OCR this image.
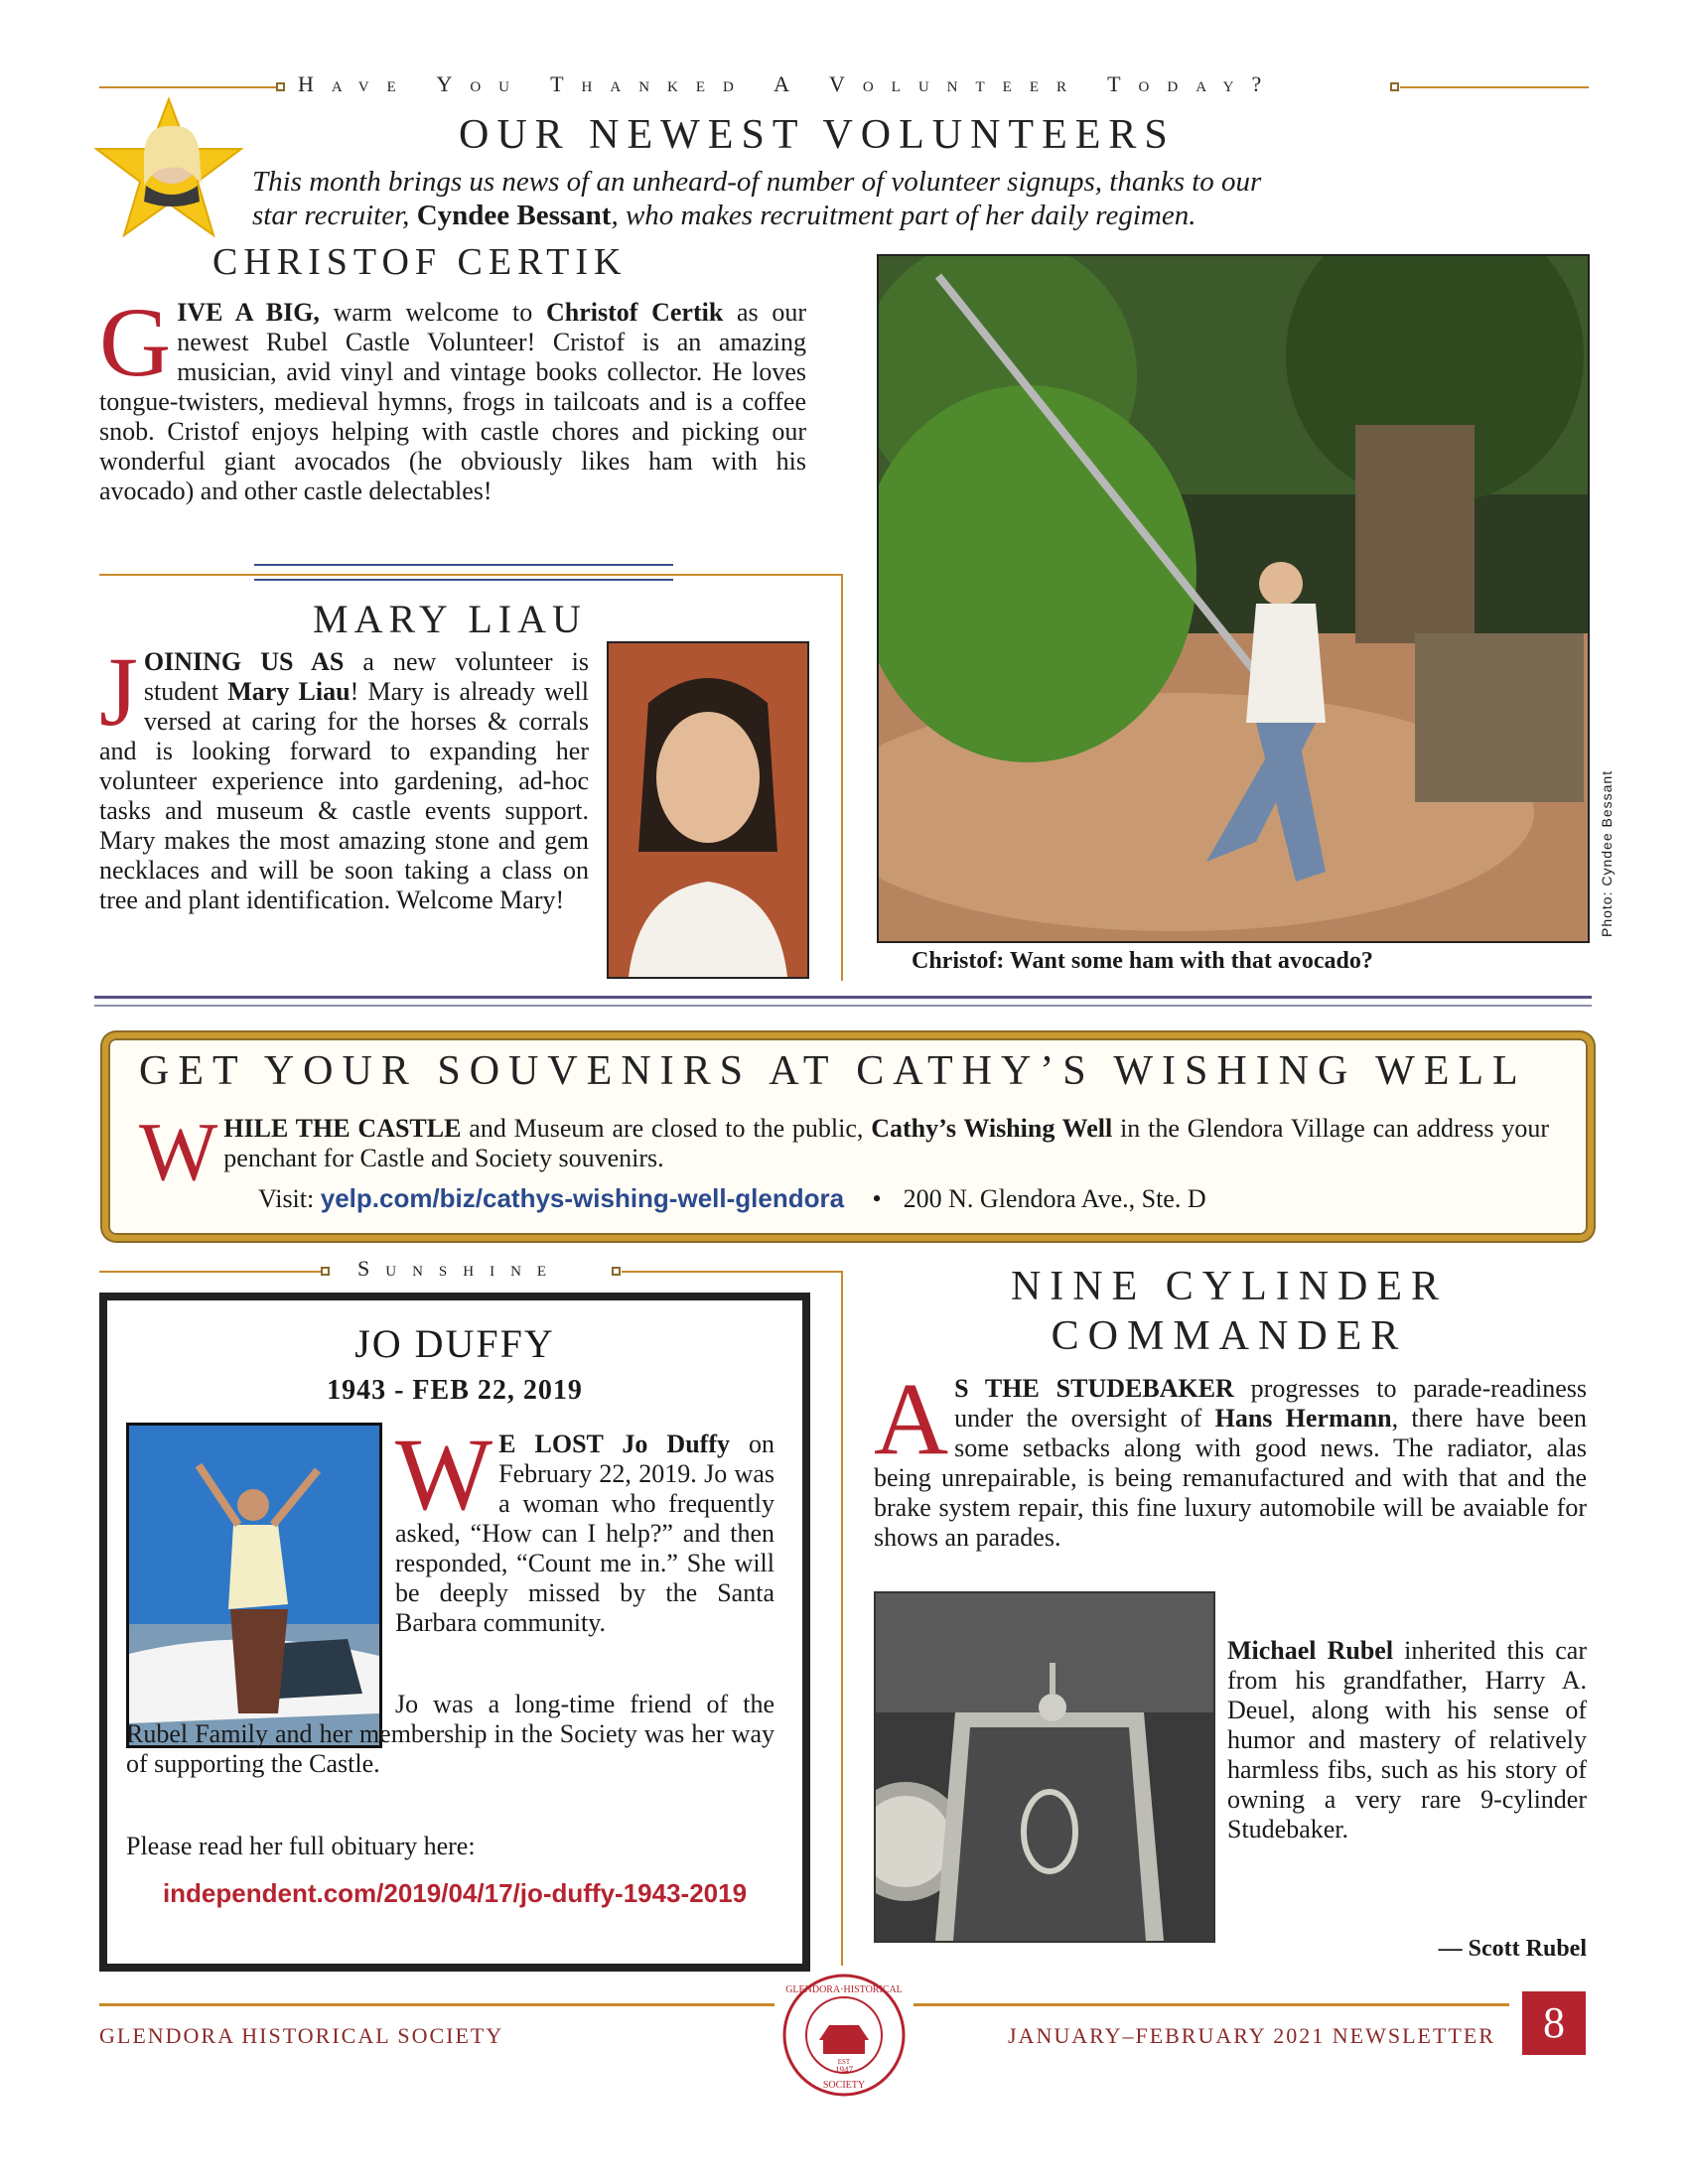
Have You Thanked A Volunteer Today?
OUR NEWEST VOLUNTEERS
This month brings us news of an unheard-of number of volunteer signups, thanks to our
star recruiter, Cyndee Bessant, who makes recruitment part of her daily regimen.
CHRISTOF CERTIK
GIVE A BIG, warm welcome to Christof Certik as our newest Rubel Castle Volunteer! Cristof is an amazing musician, avid vinyl and vintage books collector. He loves tongue-twisters, medieval hymns, frogs in tailcoats and is a coffee snob. Cristof enjoys helping with castle chores and picking our wonderful giant avocados (he obviously likes ham with his avocado) and other castle delectables!
Photo: Cyndee Bessant
Christof: Want some ham with that avocado?
MARY LIAU
JOINING US AS a new volunteer is student Mary Liau! Mary is already well versed at caring for the horses & corrals and is looking forward to expanding her volunteer experience into gardening, ad-hoc tasks and museum & castle events support. Mary makes the most amazing stone and gem necklaces and will be soon taking a class on tree and plant identification. Welcome Mary!
GET YOUR SOUVENIRS AT CATHY’S WISHING WELL
WHILE THE CASTLE and Museum are closed to the public, Cathy’s Wishing Well in the Glendora Village can address your penchant for Castle and Society souvenirs.
Visit: yelp.com/biz/cathys-wishing-well-glendora • 200 N. Glendora Ave., Ste. D
Sunshine
JO DUFFY
1943 - FEB 22, 2019
W E LOST Jo Duffy on February 22, 2019. Jo was a woman who frequently asked, “How can I help?” and then responded, “Count me in.” She will be deeply missed by the Santa Barbara community.
Jo was a long-time friend of the Rubel Family and her membership in the Society was her way of supporting the Castle.
Please read her full obituary here:
independent.com/2019/04/17/jo-duffy-1943-2019
NINE CYLINDER
COMMANDER
A S THE STUDEBAKER progresses to parade-readiness under the oversight of Hans Hermann, there have been some setbacks along with good news. The radiator, alas being unrepairable, is being remanufactured and with that and the brake system repair, this fine luxury automobile will be avaiable for shows an parades.
Michael Rubel inherited this car from his grandfather, Harry A. Deuel, along with his sense of humor and mastery of relatively harmless fibs, such as his story of owning a very rare 9-cylinder Studebaker.
— Scott Rubel
GLENDORA HISTORICAL SOCIETY	JANUARY–FEBRUARY 2021 NEWSLETTER	8
GLENDORA·HISTORICAL
SOCIETY
EST
1947
